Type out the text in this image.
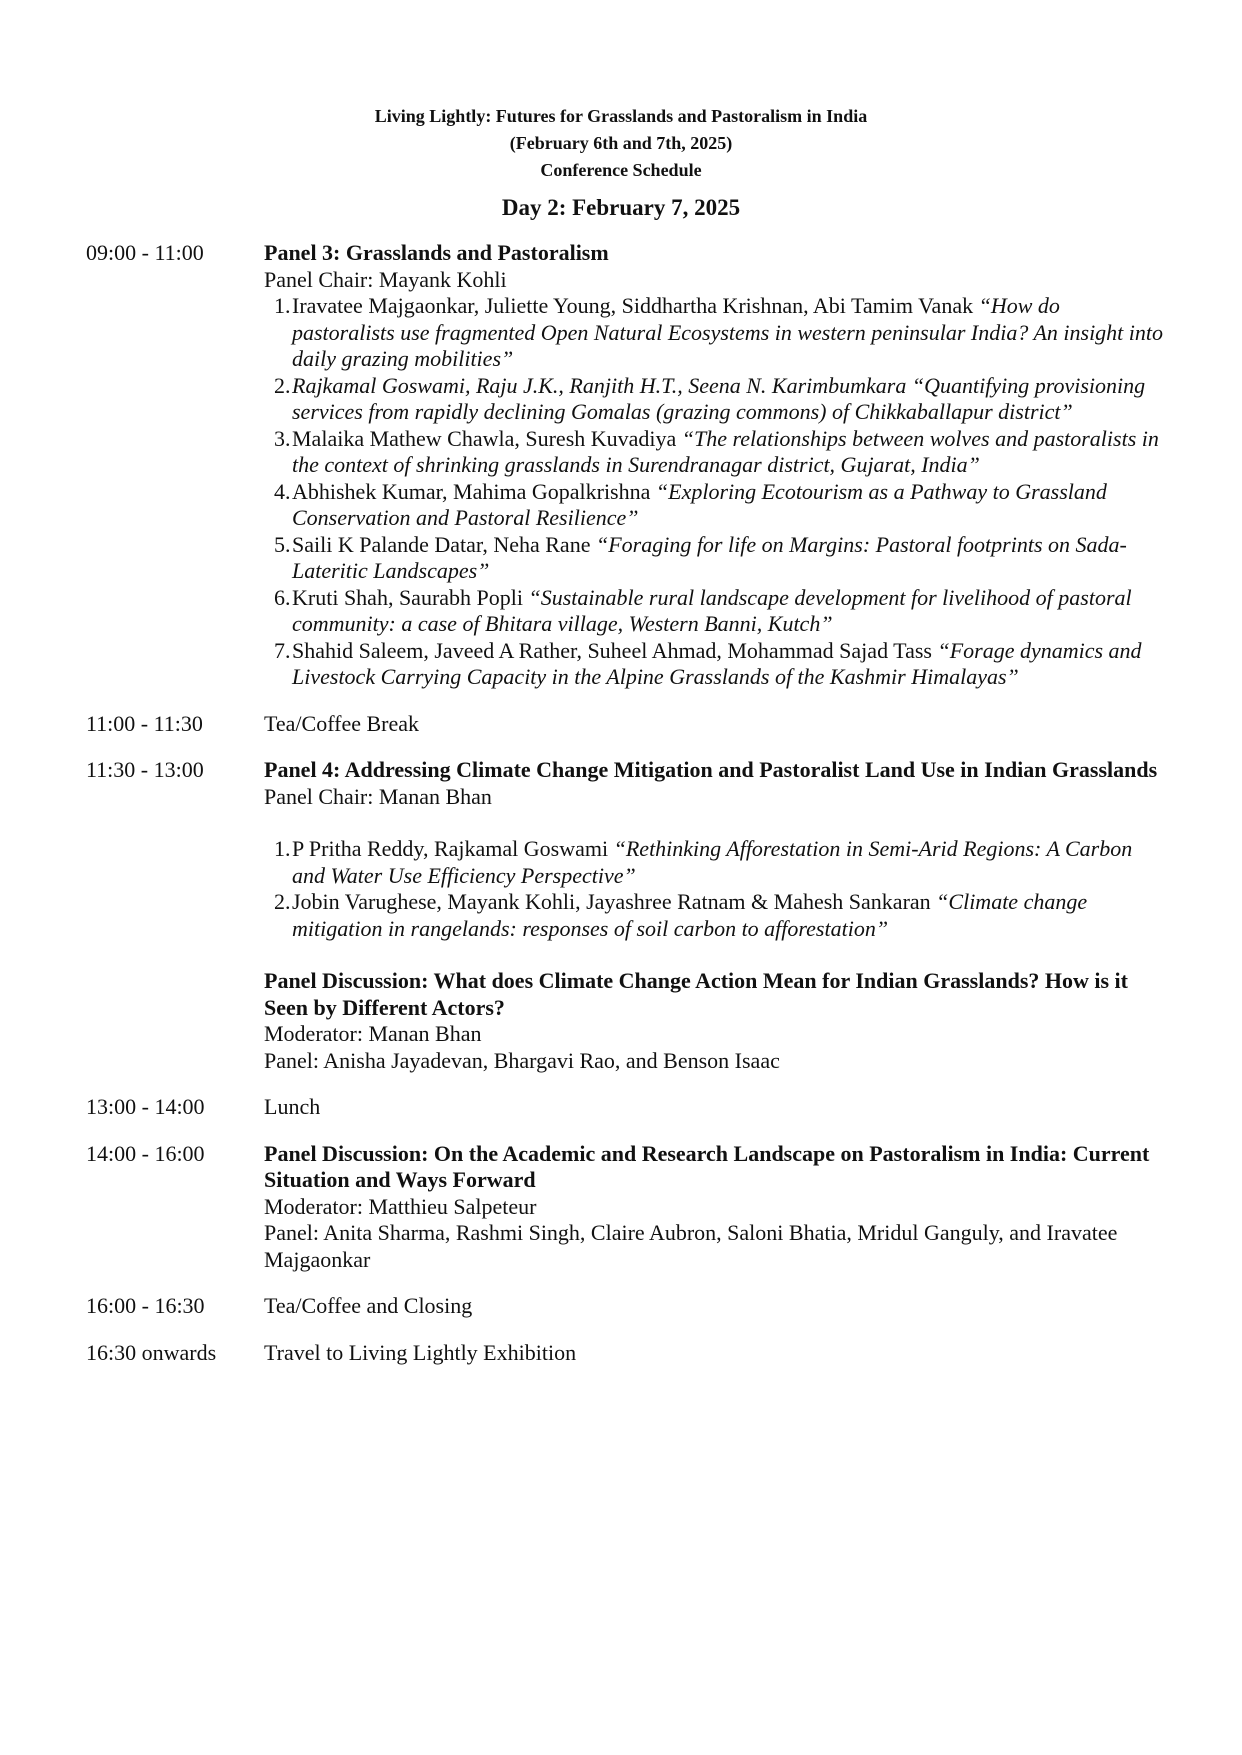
Living Lightly: Futures for Grasslands and Pastoralism in India
(February 6th and 7th, 2025)
Conference Schedule
Day 2: February 7, 2025
09:00 - 11:00	Panel 3: Grasslands and Pastoralism
Panel Chair: Mayank Kohli
1. Iravatee Majgaonkar, Juliette Young, Siddhartha Krishnan, Abi Tamim Vanak “How do pastoralists use fragmented Open Natural Ecosystems in western peninsular India? An insight into daily grazing mobilities”
2. Rajkamal Goswami, Raju J.K., Ranjith H.T., Seena N. Karimbumkara “Quantifying provisioning services from rapidly declining Gomalas (grazing commons) of Chikkaballapur district”
3. Malaika Mathew Chawla, Suresh Kuvadiya “The relationships between wolves and pastoralists in the context of shrinking grasslands in Surendranagar district, Gujarat, India”
4. Abhishek Kumar, Mahima Gopalkrishna “Exploring Ecotourism as a Pathway to Grassland Conservation and Pastoral Resilience”
5. Saili K Palande Datar, Neha Rane “Foraging for life on Margins: Pastoral footprints on Sada- Lateritic Landscapes”
6. Kruti Shah, Saurabh Popli “Sustainable rural landscape development for livelihood of pastoral community: a case of Bhitara village, Western Banni, Kutch”
7. Shahid Saleem, Javeed A Rather, Suheel Ahmad, Mohammad Sajad Tass “Forage dynamics and Livestock Carrying Capacity in the Alpine Grasslands of the Kashmir Himalayas”
11:00 - 11:30	Tea/Coffee Break
11:30 - 13:00	Panel 4: Addressing Climate Change Mitigation and Pastoralist Land Use in Indian Grasslands
Panel Chair: Manan Bhan
1. P Pritha Reddy, Rajkamal Goswami “Rethinking Afforestation in Semi-Arid Regions: A Carbon and Water Use Efficiency Perspective”
2. Jobin Varughese, Mayank Kohli, Jayashree Ratnam & Mahesh Sankaran “Climate change mitigation in rangelands: responses of soil carbon to afforestation”
Panel Discussion: What does Climate Change Action Mean for Indian Grasslands? How is it Seen by Different Actors?
Moderator: Manan Bhan
Panel: Anisha Jayadevan, Bhargavi Rao, and Benson Isaac
13:00 - 14:00	Lunch
14:00 - 16:00	Panel Discussion: On the Academic and Research Landscape on Pastoralism in India: Current Situation and Ways Forward
Moderator: Matthieu Salpeteur
Panel: Anita Sharma, Rashmi Singh, Claire Aubron, Saloni Bhatia, Mridul Ganguly, and Iravatee Majgaonkar
16:00 - 16:30	Tea/Coffee and Closing
16:30 onwards	Travel to Living Lightly Exhibition
